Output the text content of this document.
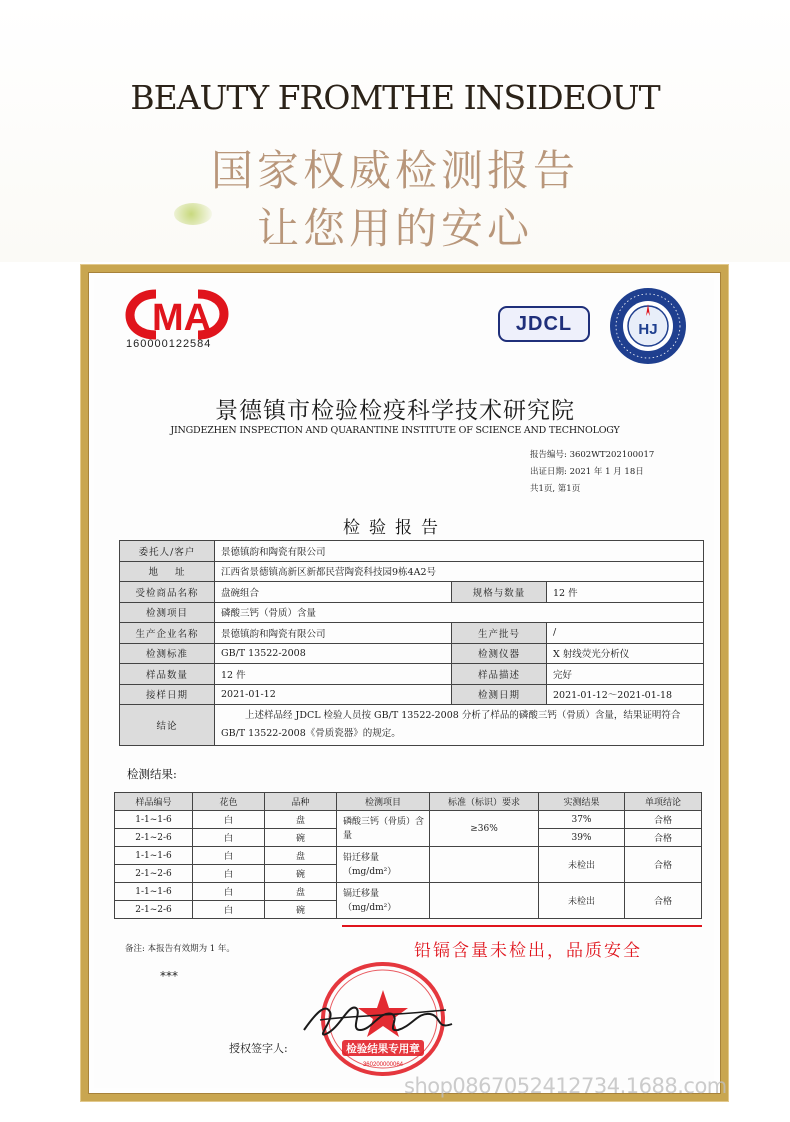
BEAUTY FROMTHE INSIDEOUT
国家权威检测报告
让您用的安心
MA
160000122584
JDCL	HJ
景德镇市检验检疫科学技术研究院
JINGDEZHEN INSPECTION AND QUARANTINE INSTITUTE OF SCIENCE AND TECHNOLOGY
报告编号: 3602WT202100017
出证日期: 2021 年 1 月 18日
共1页, 第1页
检验报告
委托人/客户	景德镇韵和陶瓷有限公司		
地    址	江西省景德镇高新区新都民营陶瓷科技园9栋4A2号		
受检商品名称	盘碗组合	规格与数量	12 件
检测项目	磷酸三钙（骨质）含量		
生产企业名称	景德镇韵和陶瓷有限公司	生产批号	/
检测标准	GB/T 13522-2008	检测仪器	X 射线荧光分析仪
样品数量	12 件	样品描述	完好
接样日期	2021-01-12	检测日期	2021-01-12～2021-01-18
结论	上述样品经 JDCL 检验人员按 GB/T 13522-2008 分析了样品的磷酸三钙（骨质）含量，结果证明符合 GB/T 13522-2008《骨质瓷器》的规定。		
检测结果:
样品编号	花色	品种	检测项目	标准（标识）要求	实测结果	单项结论
1-1~1-6	白	盘	磷酸三钙（骨质）含量	≥36%	37%	合格
2-1~2-6	白	碗			39%	合格
1-1~1-6	白	盘	铅迁移量（mg/dm²）		未检出	合格
2-1~2-6	白	碗				
1-1~1-6	白	盘	镉迁移量（mg/dm²）		未检出	合格
2-1~2-6	白	碗				
铅镉含量未检出，品质安全
备注: 本报告有效期为 1 年。
***
授权签字人:	检验结果专用章
360200000064
shop0867052412734.1688.com
